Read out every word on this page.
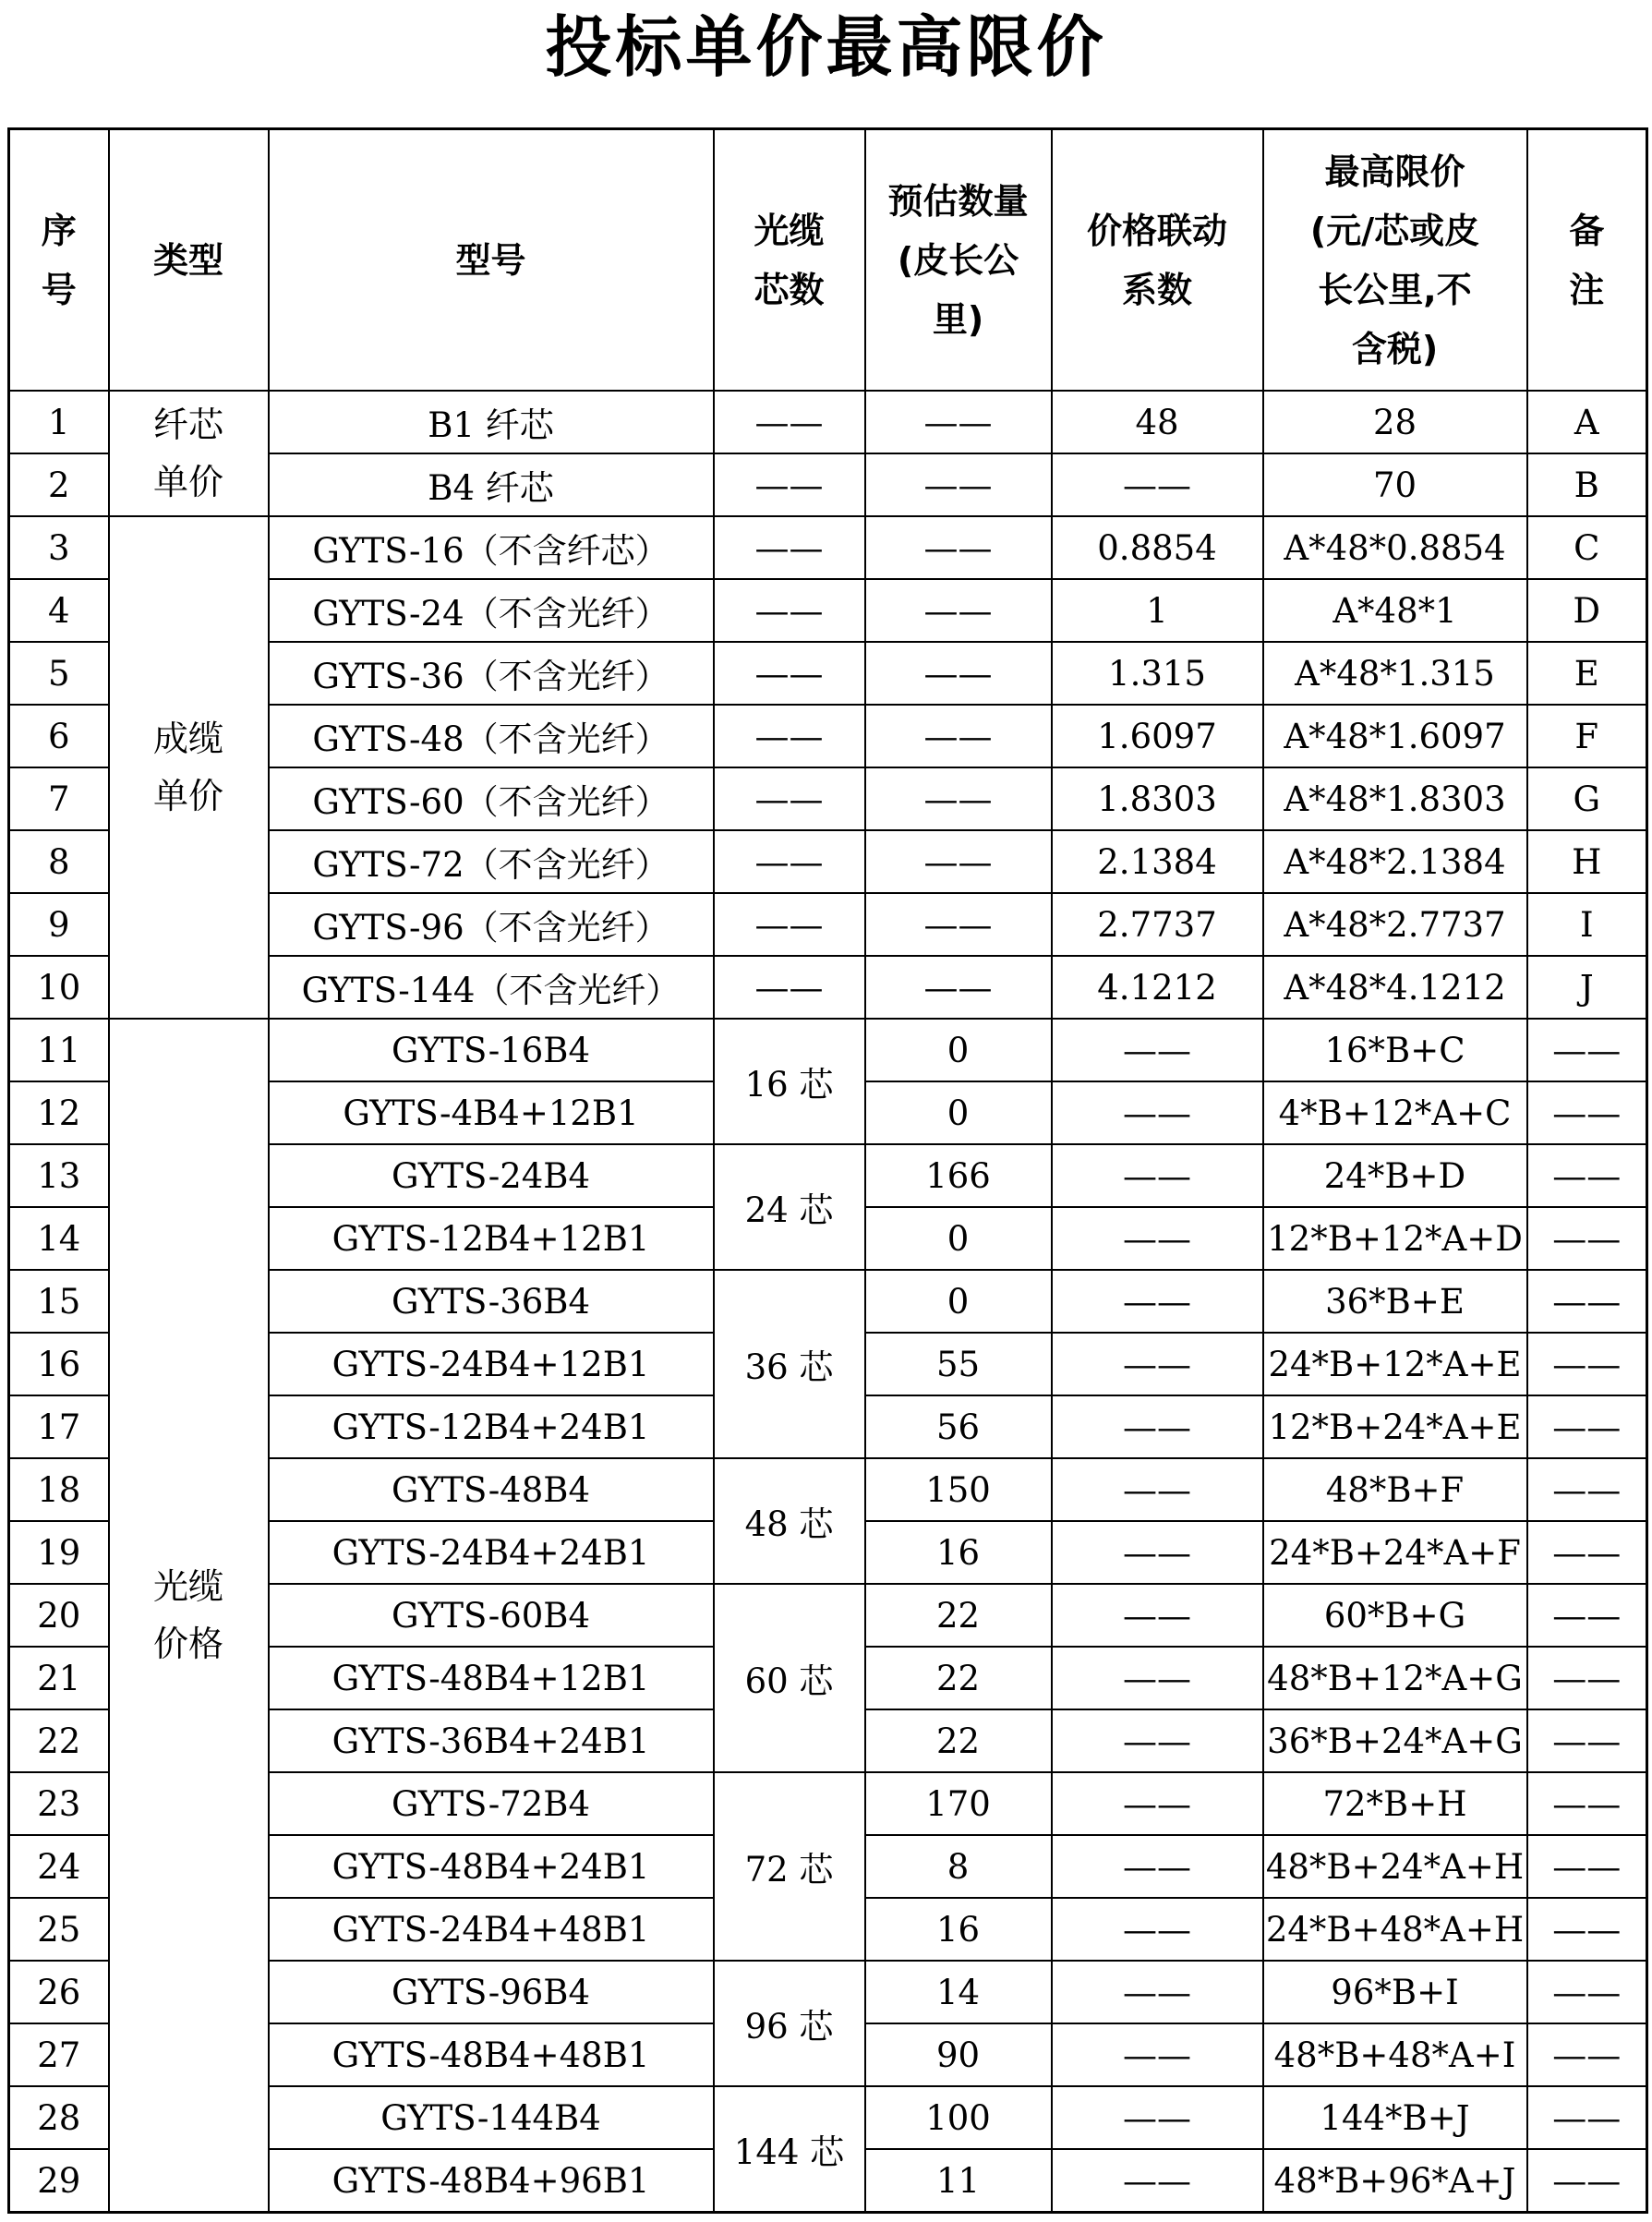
投标单价最高限价
序号	类型	型号	光缆芯数	预估数量(皮长公里)	价格联动系数	最高限价(元/芯或皮长公里,不含税)	备注
1	纤芯单价	B1 纤芯	——	——	48	28	A
2		B4 纤芯	——	——	——	70	B
3	成缆单价	GYTS-16（不含纤芯）	——	——	0.8854	A*48*0.8854	C
4		GYTS-24（不含光纤）	——	——	1	A*48*1	D
5		GYTS-36（不含光纤）	——	——	1.315	A*48*1.315	E
6		GYTS-48（不含光纤）	——	——	1.6097	A*48*1.6097	F
7		GYTS-60（不含光纤）	——	——	1.8303	A*48*1.8303	G
8		GYTS-72（不含光纤）	——	——	2.1384	A*48*2.1384	H
9		GYTS-96（不含光纤）	——	——	2.7737	A*48*2.7737	I
10		GYTS-144（不含光纤）	——	——	4.1212	A*48*4.1212	J
11	光缆价格	GYTS-16B4	16 芯	0	——	16*B+C	——
12		GYTS-4B4+12B1		0	——	4*B+12*A+C	——
13		GYTS-24B4	24 芯	166	——	24*B+D	——
14		GYTS-12B4+12B1		0	——	12*B+12*A+D	——
15		GYTS-36B4	36 芯	0	——	36*B+E	——
16		GYTS-24B4+12B1		55	——	24*B+12*A+E	——
17		GYTS-12B4+24B1		56	——	12*B+24*A+E	——
18		GYTS-48B4	48 芯	150	——	48*B+F	——
19		GYTS-24B4+24B1		16	——	24*B+24*A+F	——
20		GYTS-60B4	60 芯	22	——	60*B+G	——
21		GYTS-48B4+12B1		22	——	48*B+12*A+G	——
22		GYTS-36B4+24B1		22	——	36*B+24*A+G	——
23		GYTS-72B4	72 芯	170	——	72*B+H	——
24		GYTS-48B4+24B1		8	——	48*B+24*A+H	——
25		GYTS-24B4+48B1		16	——	24*B+48*A+H	——
26		GYTS-96B4	96 芯	14	——	96*B+I	——
27		GYTS-48B4+48B1		90	——	48*B+48*A+I	——
28		GYTS-144B4	144 芯	100	——	144*B+J	——
29		GYTS-48B4+96B1		11	——	48*B+96*A+J	——
